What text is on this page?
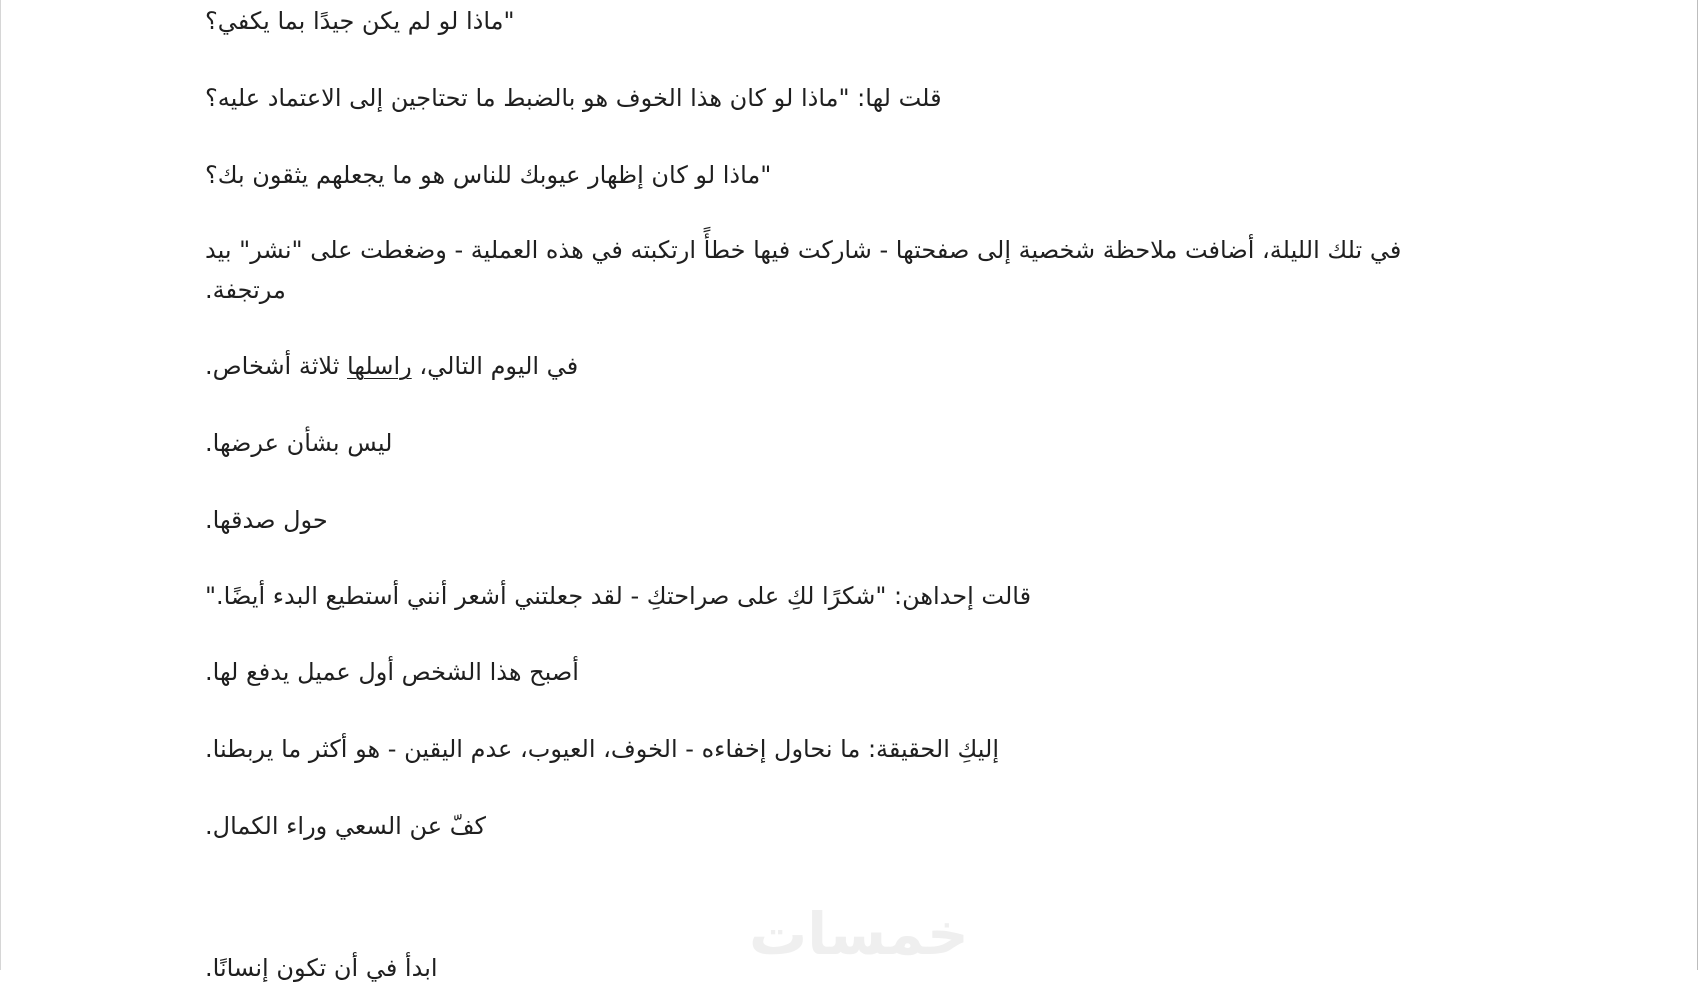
"ماذا لو لم يكن جيدًا بما يكفي؟

قلت لها: "ماذا لو كان هذا الخوف هو بالضبط ما تحتاجين إلى الاعتماد عليه؟

"ماذا لو كان إظهار عيوبك للناس هو ما يجعلهم يثقون بك؟

في تلك الليلة، أضافت ملاحظة شخصية إلى صفحتها - شاركت فيها خطأً ارتكبته في هذه العملية - وضغطت على "نشر" بيد مرتجفة.

في اليوم التالي، راسلها ثلاثة أشخاص.

ليس بشأن عرضها.

حول صدقها.

قالت إحداهن: "شكرًا لكِ على صراحتكِ - لقد جعلتني أشعر أنني أستطيع البدء أيضًا."

أصبح هذا الشخص أول عميل يدفع لها.

إليكِ الحقيقة: ما نحاول إخفاءه - الخوف، العيوب، عدم اليقين - هو أكثر ما يربطنا.

كفّ عن السعي وراء الكمال.

ابدأ في أن تكون إنسانًا.	خمسات
